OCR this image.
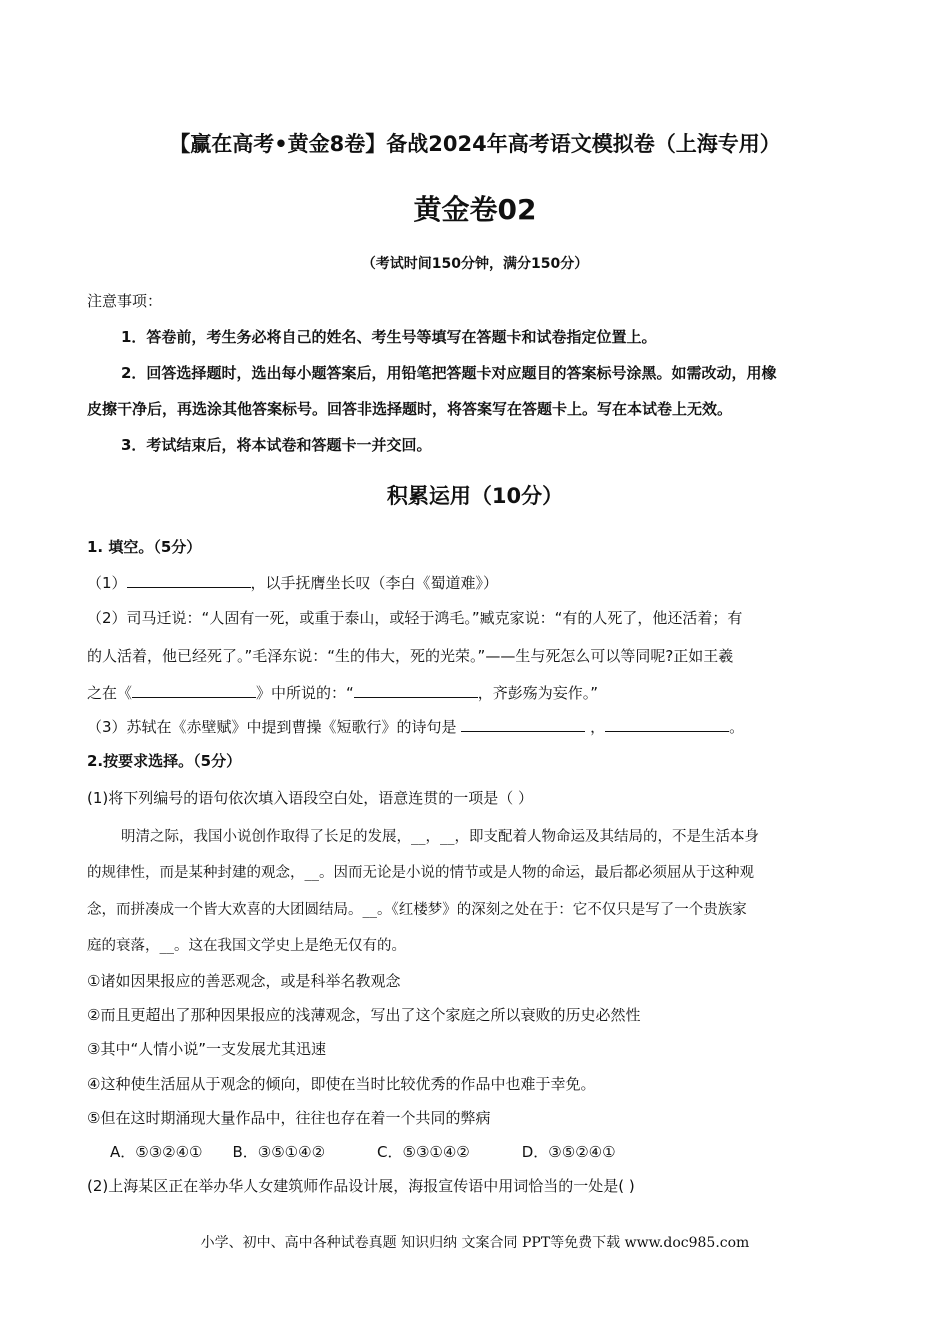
【赢在高考•黄金8卷】备战2024年高考语文模拟卷（上海专用）
黄金卷02
（考试时间150分钟，满分150分）
注意事项：
1．答卷前，考生务必将自己的姓名、考生号等填写在答题卡和试卷指定位置上。
2．回答选择题时，选出每小题答案后，用铅笔把答题卡对应题目的答案标号涂黑。如需改动，用橡
皮擦干净后，再选涂其他答案标号。回答非选择题时，将答案写在答题卡上。写在本试卷上无效。
3．考试结束后，将本试卷和答题卡一并交回。
积累运用（10分）
1. 填空。（5分）
（1）	，以手抚膺坐长叹（李白《蜀道难》）
（2）司马迁说：“人固有一死，或重于泰山，或轻于鸿毛。”臧克家说：“有的人死了，他还活着；有
的人活着，他已经死了。”毛泽东说：“生的伟大，死的光荣。”——生与死怎么可以等同呢?正如王羲
之在《	》中所说的：“	，齐彭殇为妄作。”
（3）苏轼在《赤壁赋》中提到曹操《短歌行》的诗句是	，	。
2.按要求选择。（5分）
(1)将下列编号的语句依次填入语段空白处，语意连贯的一项是（ ）
明清之际，我国小说创作取得了长足的发展，__，__，即支配着人物命运及其结局的，不是生活本身
的规律性，而是某种封建的观念，__。因而无论是小说的情节或是人物的命运，最后都必须屈从于这种观
念，而拼凑成一个皆大欢喜的大团圆结局。__。《红楼梦》的深刻之处在于：它不仅只是写了一个贵族家
庭的衰落，__。这在我国文学史上是绝无仅有的。
①诸如因果报应的善恶观念，或是科举名教观念
②而且更超出了那种因果报应的浅薄观念，写出了这个家庭之所以衰败的历史必然性
③其中“人情小说”一支发展尤其迅速
④这种使生活屈从于观念的倾向，即使在当时比较优秀的作品中也难于幸免。
⑤但在这时期涌现大量作品中，往往也存在着一个共同的弊病
A．⑤③②④① B．③⑤①④②	C．⑤③①④②	D．③⑤②④①
(2)上海某区正在举办华人女建筑师作品设计展，海报宣传语中用词恰当的一处是( )
小学、初中、高中各种试卷真题 知识归纳 文案合同 PPT等免费下载 www.doc985.com
